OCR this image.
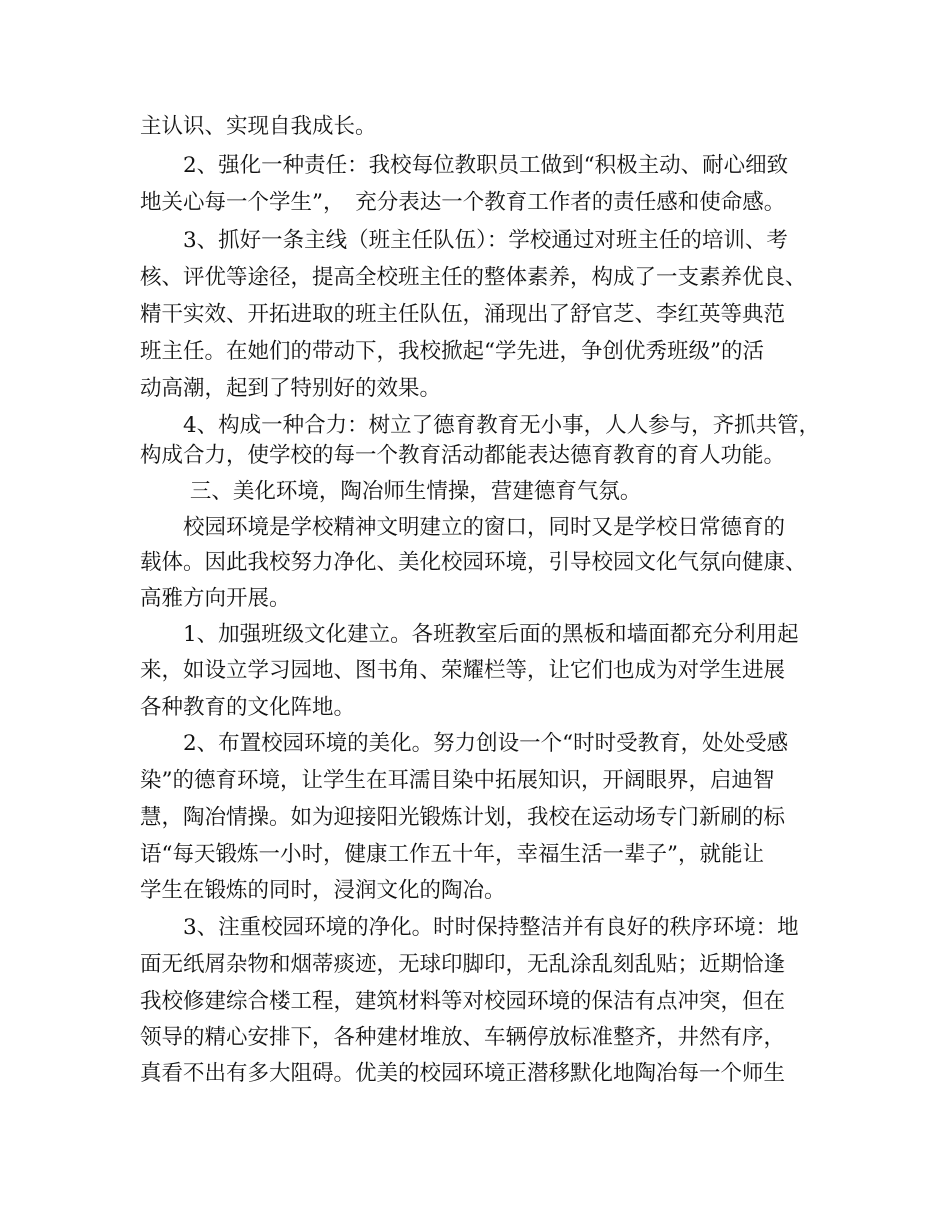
主认识、实现自我成长。
　　2、强化一种责任：我校每位教职员工做到“积极主动、耐心细致
地关心每一个学生”，　充分表达一个教育工作者的责任感和使命感。
　　3、抓好一条主线（班主任队伍）：学校通过对班主任的培训、考
核、评优等途径，提高全校班主任的整体素养，构成了一支素养优良、
精干实效、开拓进取的班主任队伍，涌现出了舒官芝、李红英等典范
班主任。在她们的带动下，我校掀起“学先进，争创优秀班级”的活
动高潮，起到了特别好的效果。
　　4、构成一种合力：树立了德育教育无小事，人人参与，齐抓共管，
构成合力，使学校的每一个教育活动都能表达德育教育的育人功能。
　　 三、美化环境，陶冶师生情操，营建德育气氛。
　　校园环境是学校精神文明建立的窗口，同时又是学校日常德育的
载体。因此我校努力净化、美化校园环境，引导校园文化气氛向健康、
高雅方向开展。
　　1、加强班级文化建立。各班教室后面的黑板和墙面都充分利用起
来，如设立学习园地、图书角、荣耀栏等，让它们也成为对学生进展
各种教育的文化阵地。
　　2、布置校园环境的美化。努力创设一个“时时受教育，处处受感
染”的德育环境，让学生在耳濡目染中拓展知识，开阔眼界，启迪智
慧，陶冶情操。如为迎接阳光锻炼计划，我校在运动场专门新刷的标
语“每天锻炼一小时，健康工作五十年，幸福生活一辈子”，就能让
学生在锻炼的同时，浸润文化的陶冶。
　　3、注重校园环境的净化。时时保持整洁并有良好的秩序环境：地
面无纸屑杂物和烟蒂痰迹，无球印脚印，无乱涂乱刻乱贴；近期恰逢
我校修建综合楼工程，建筑材料等对校园环境的保洁有点冲突，但在
领导的精心安排下，各种建材堆放、车辆停放标准整齐，井然有序，
真看不出有多大阻碍。优美的校园环境正潜移默化地陶冶每一个师生
